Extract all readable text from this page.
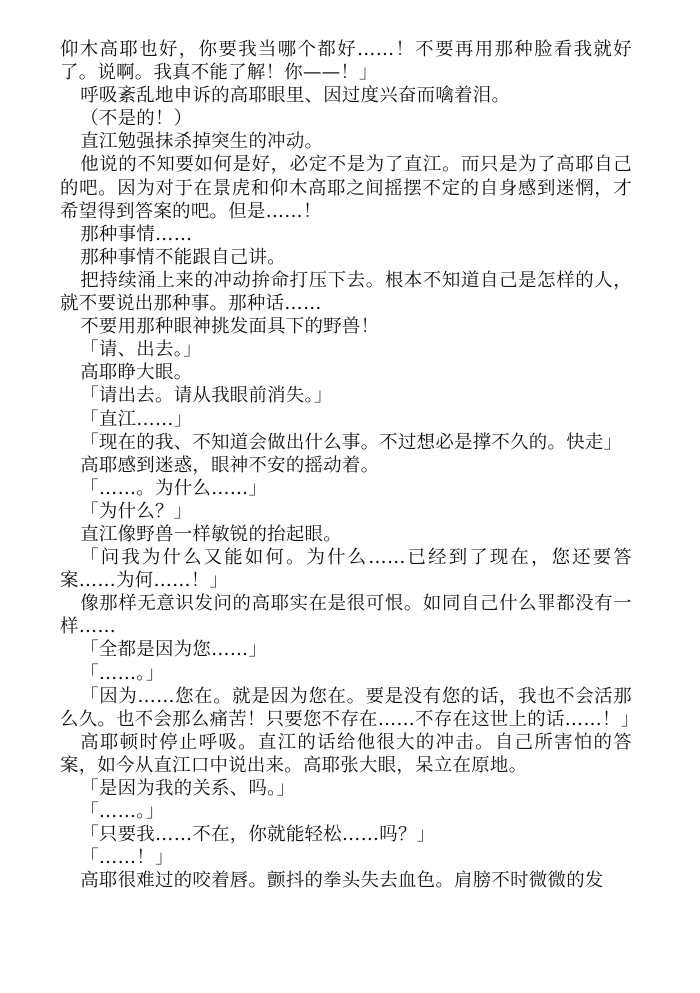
仰木高耶也好，你要我当哪个都好……！不要再用那种脸看我就好了。说啊。我真不能了解！你——！」

呼吸紊乱地申诉的高耶眼里、因过度兴奋而噙着泪。

（不是的！）

直江勉强抹杀掉突生的冲动。

他说的不知要如何是好，必定不是为了直江。而只是为了高耶自己的吧。因为对于在景虎和仰木高耶之间摇摆不定的自身感到迷惘，才希望得到答案的吧。但是……！

那种事情……

那种事情不能跟自己讲。

把持续涌上来的冲动拚命打压下去。根本不知道自己是怎样的人，就不要说出那种事。那种话……

不要用那种眼神挑发面具下的野兽！

「请、出去。」

高耶睁大眼。

「请出去。请从我眼前消失。」

「直江……」

「现在的我、不知道会做出什么事。不过想必是撑不久的。快走」

高耶感到迷惑，眼神不安的摇动着。

「……。为什么……」

「为什么？」

直江像野兽一样敏锐的抬起眼。

「问我为什么又能如何。为什么……已经到了现在，您还要答案……为何……！」

像那样无意识发问的高耶实在是很可恨。如同自己什么罪都没有一样……

「全都是因为您……」

「……。」

「因为……您在。就是因为您在。要是没有您的话，我也不会活那么久。也不会那么痛苦！只要您不存在……不存在这世上的话……！」

高耶顿时停止呼吸。直江的话给他很大的冲击。自己所害怕的答案，如今从直江口中说出来。高耶张大眼，呆立在原地。

「是因为我的关系、吗。」

「……。」

「只要我……不在，你就能轻松……吗？」

「……！」

高耶很难过的咬着唇。颤抖的拳头失去血色。肩膀不时微微的发
